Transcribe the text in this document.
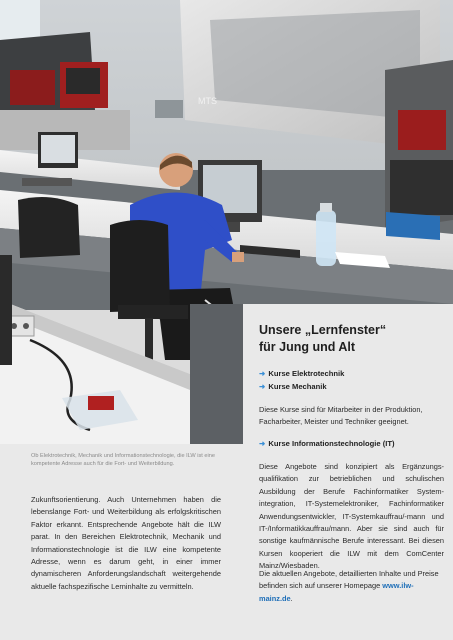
MTS
Unsere „Lernfenster“
für Jung und Alt
➜ Kurse Elektrotechnik
➜ Kurse Mechanik
Diese Kurse sind für Mitarbeiter in der Produktion, Facharbeiter, Meister und Techniker geeignet.
➜ Kurse Informationstechnologie (IT)
Diese Angebote sind konzipiert als Ergänzungsqualifikation zur betrieblichen und schulischen Ausbildung der Berufe Fachinformatiker Systemintegration, IT-Systemelektroniker, Fachinformatiker Anwendungsentwickler, IT-Systemkauffrau/-mann und IT-/Informatikkauffrau/mann. Aber sie sind auch für sonstige kaufmännische Berufe interessant. Bei diesen Kursen kooperiert die ILW mit dem ComCenter Mainz/Wiesbaden.
Die aktuellen Angebote, detaillierten Inhalte und Preise befinden sich auf unserer Homepage www.ilw-mainz.de.
Ob Elektrotechnik, Mechanik und Informationstechnologie, die ILW ist eine kompetente Adresse auch für die Fort- und Weiterbildung.
Zukunftsorientierung. Auch Unternehmen haben die lebenslange Fort- und Weiterbildung als erfolgskritischen Faktor erkannt. Entsprechende Angebote hält die ILW parat. In den Bereichen Elektrotechnik, Mechanik und Informationstechnologie ist die ILW eine kompetente Adresse, wenn es darum geht, in einer immer dynamischeren Anforderungslandschaft weitergehende aktuelle fachspezifische Lerninhalte zu vermitteln.
